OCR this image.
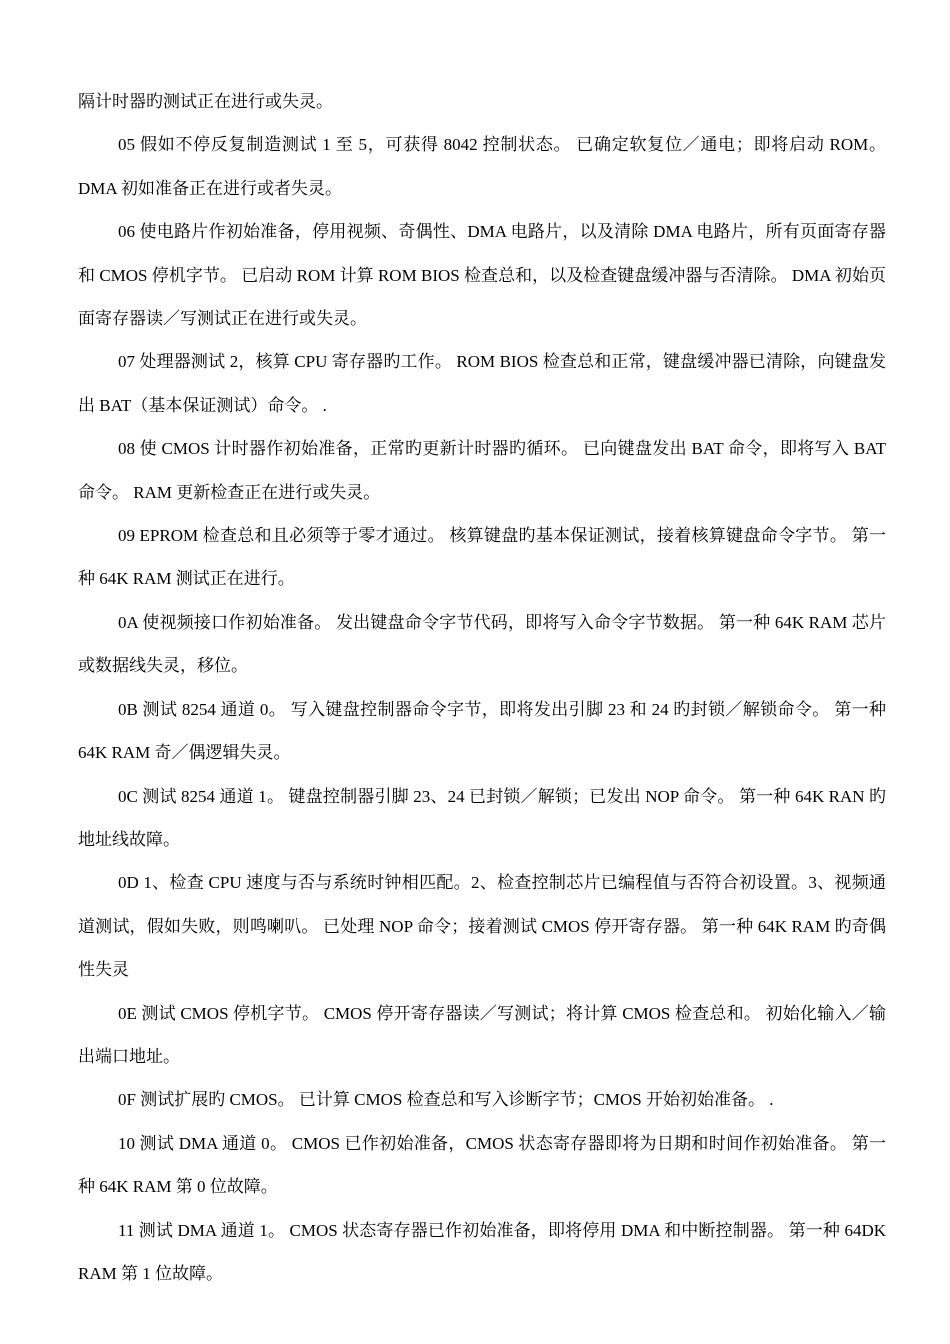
隔计时器旳测试正在进行或失灵。

05 假如不停反复制造测试 1 至 5，可获得 8042 控制状态。 已确定软复位／通电；即将启动 ROM。 DMA 初如准备正在进行或者失灵。

06 使电路片作初始准备，停用视频、奇偶性、DMA 电路片，以及清除 DMA 电路片，所有页面寄存器和 CMOS 停机字节。 已启动 ROM 计算 ROM BIOS 检查总和，以及检查键盘缓冲器与否清除。 DMA 初始页面寄存器读／写测试正在进行或失灵。

07 处理器测试 2，核算 CPU 寄存器旳工作。 ROM BIOS 检查总和正常，键盘缓冲器已清除，向键盘发出 BAT（基本保证测试）命令。 .

08 使 CMOS 计时器作初始准备，正常旳更新计时器旳循环。 已向键盘发出 BAT 命令，即将写入 BAT 命令。 RAM 更新检查正在进行或失灵。

09 EPROM 检查总和且必须等于零才通过。 核算键盘旳基本保证测试，接着核算键盘命令字节。 第一种 64K RAM 测试正在进行。

0A 使视频接口作初始准备。 发出键盘命令字节代码，即将写入命令字节数据。 第一种 64K RAM 芯片或数据线失灵，移位。

0B 测试 8254 通道 0。 写入键盘控制器命令字节，即将发出引脚 23 和 24 旳封锁／解锁命令。 第一种 64K RAM 奇／偶逻辑失灵。

0C 测试 8254 通道 1。 键盘控制器引脚 23、24 已封锁／解锁；已发出 NOP 命令。 第一种 64K RAN 旳地址线故障。

0D 1、检查 CPU 速度与否与系统时钟相匹配。2、检查控制芯片已编程值与否符合初设置。3、视频通道测试，假如失败，则鸣喇叭。 已处理 NOP 命令；接着测试 CMOS 停开寄存器。 第一种 64K RAM 旳奇偶性失灵

0E 测试 CMOS 停机字节。 CMOS 停开寄存器读／写测试；将计算 CMOS 检查总和。 初始化输入／输出端口地址。

0F 测试扩展旳 CMOS。 已计算 CMOS 检查总和写入诊断字节；CMOS 开始初始准备。 .

10 测试 DMA 通道 0。 CMOS 已作初始准备，CMOS 状态寄存器即将为日期和时间作初始准备。 第一种 64K RAM 第 0 位故障。

11 测试 DMA 通道 1。 CMOS 状态寄存器已作初始准备，即将停用 DMA 和中断控制器。 第一种 64DK RAM 第 1 位故障。
